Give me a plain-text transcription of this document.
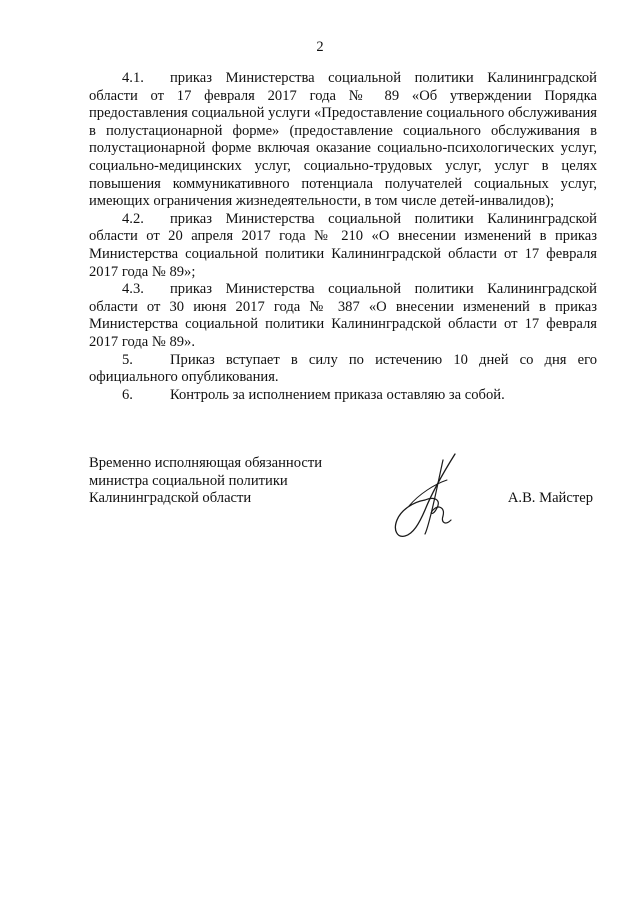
2

4.1. приказ Министерства социальной политики Калининградской области от 17 февраля 2017 года № 89 «Об утверждении Порядка предоставления социальной услуги «Предоставление социального обслуживания в полустационарной форме» (предоставление социального обслуживания в полустационарной форме включая оказание социально-психологических услуг, социально-медицинских услуг, социально-трудовых услуг, услуг в целях повышения коммуникативного потенциала получателей социальных услуг, имеющих ограничения жизнедеятельности, в том числе детей-инвалидов);

4.2. приказ Министерства социальной политики Калининградской области от 20 апреля 2017 года № 210 «О внесении изменений в приказ Министерства социальной политики Калининградской области от 17 февраля 2017 года № 89»;

4.3. приказ Министерства социальной политики Калининградской области от 30 июня 2017 года № 387 «О внесении изменений в приказ Министерства социальной политики Калининградской области от 17 февраля 2017 года № 89».

5.	Приказ вступает в силу по истечению 10 дней со дня его официального опубликования.

6.	Контроль за исполнением приказа оставляю за собой.

Временно исполняющая обязанности
министра социальной политики
Калининградской области	А.В. Майстер
